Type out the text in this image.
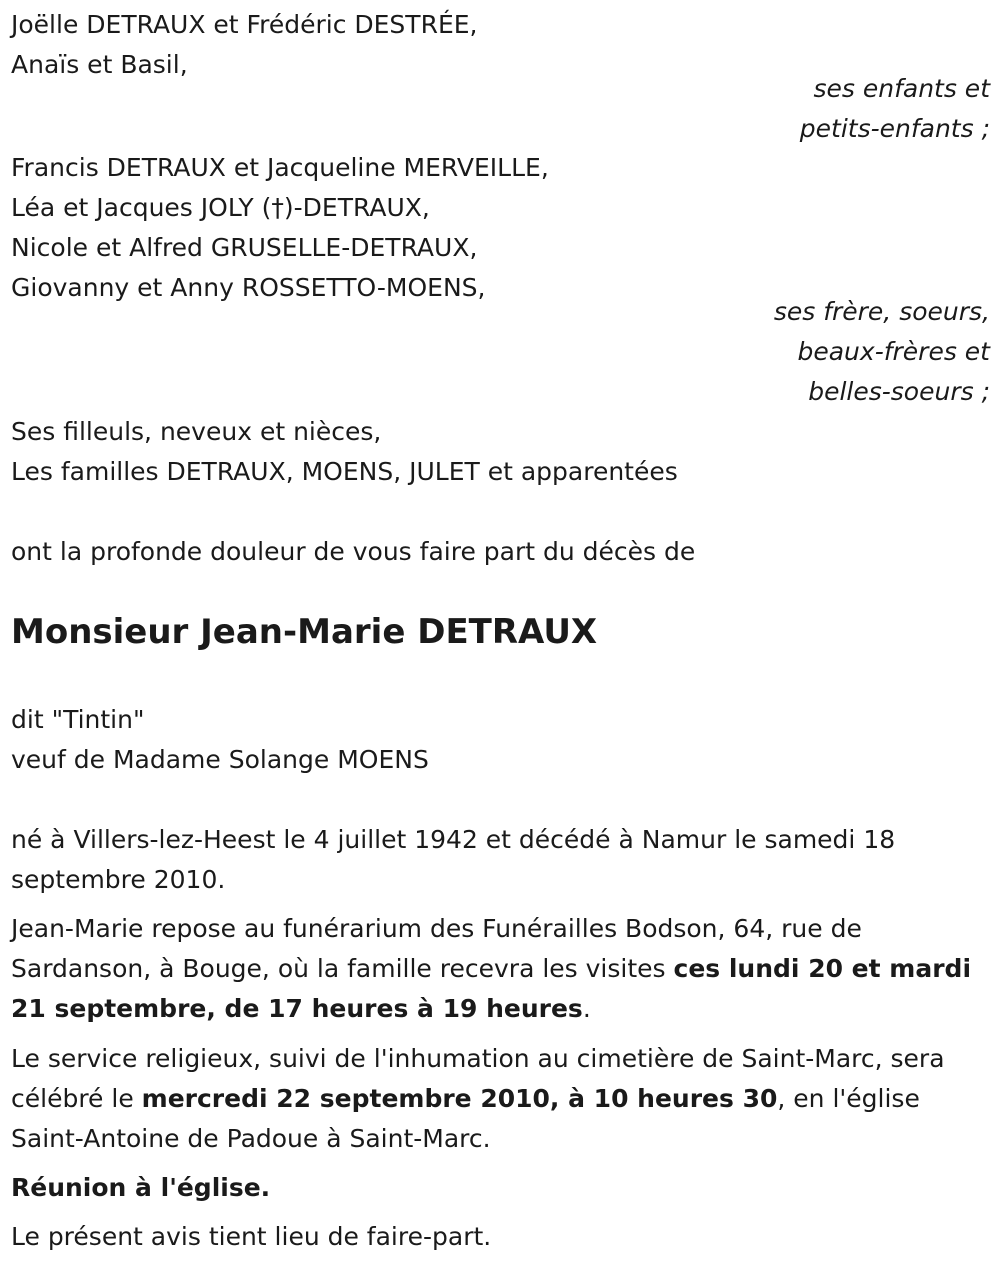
Joëlle DETRAUX et Frédéric DESTRÉE,
Anaïs et Basil,
ses enfants et
petits-enfants ;
Francis DETRAUX et Jacqueline MERVEILLE,
Léa et Jacques JOLY (†)-DETRAUX,
Nicole et Alfred GRUSELLE-DETRAUX,
Giovanny et Anny ROSSETTO-MOENS,
ses frère, soeurs,
beaux-frères et
belles-soeurs ;
Ses filleuls, neveux et nièces,
Les familles DETRAUX, MOENS, JULET et apparentées
ont la profonde douleur de vous faire part du décès de
Monsieur Jean-Marie DETRAUX
dit "Tintin"
veuf de Madame Solange MOENS
né à Villers-lez-Heest le 4 juillet 1942 et décédé à Namur le samedi 18 septembre 2010.
Jean-Marie repose au funérarium des Funérailles Bodson, 64, rue de Sardanson, à Bouge, où la famille recevra les visites ces lundi 20 et mardi 21 septembre, de 17 heures à 19 heures.
Le service religieux, suivi de l'inhumation au cimetière de Saint-Marc, sera célébré le mercredi 22 septembre 2010, à 10 heures 30, en l'église Saint-Antoine de Padoue à Saint-Marc.
Réunion à l'église.
Le présent avis tient lieu de faire-part.
